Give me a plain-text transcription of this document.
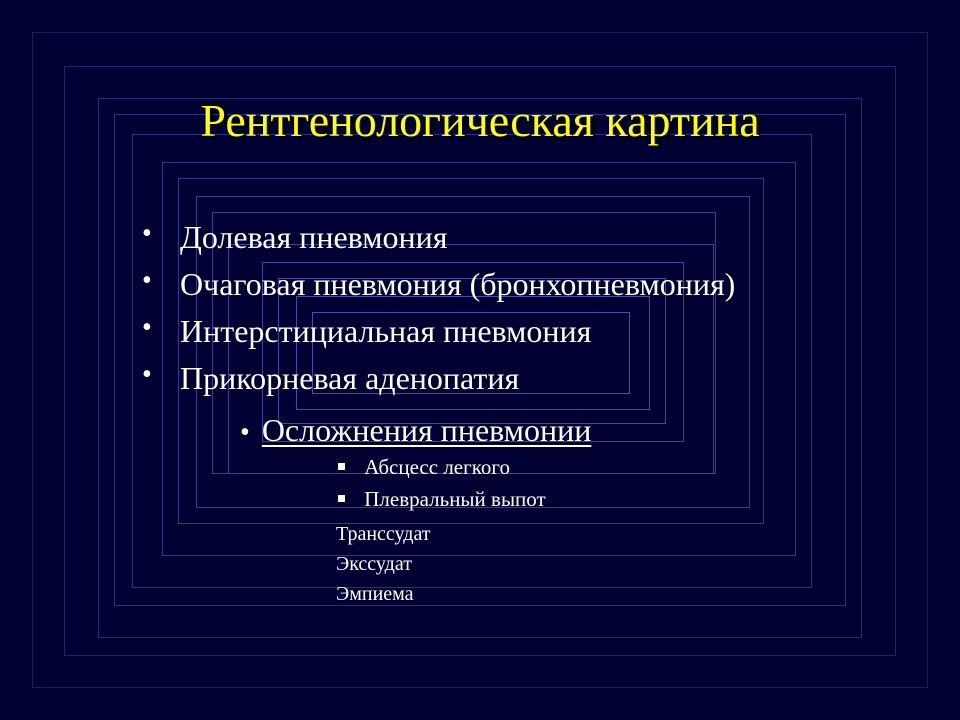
Рентгенологическая картина
• Долевая пневмония
• Очаговая пневмония (бронхопневмония)
• Интерстициальная пневмония
• Прикорневая аденопатия
• Осложнения пневмонии
Абсцесс легкого
Плевральный выпот
Транссудат
Экссудат
Эмпиема
